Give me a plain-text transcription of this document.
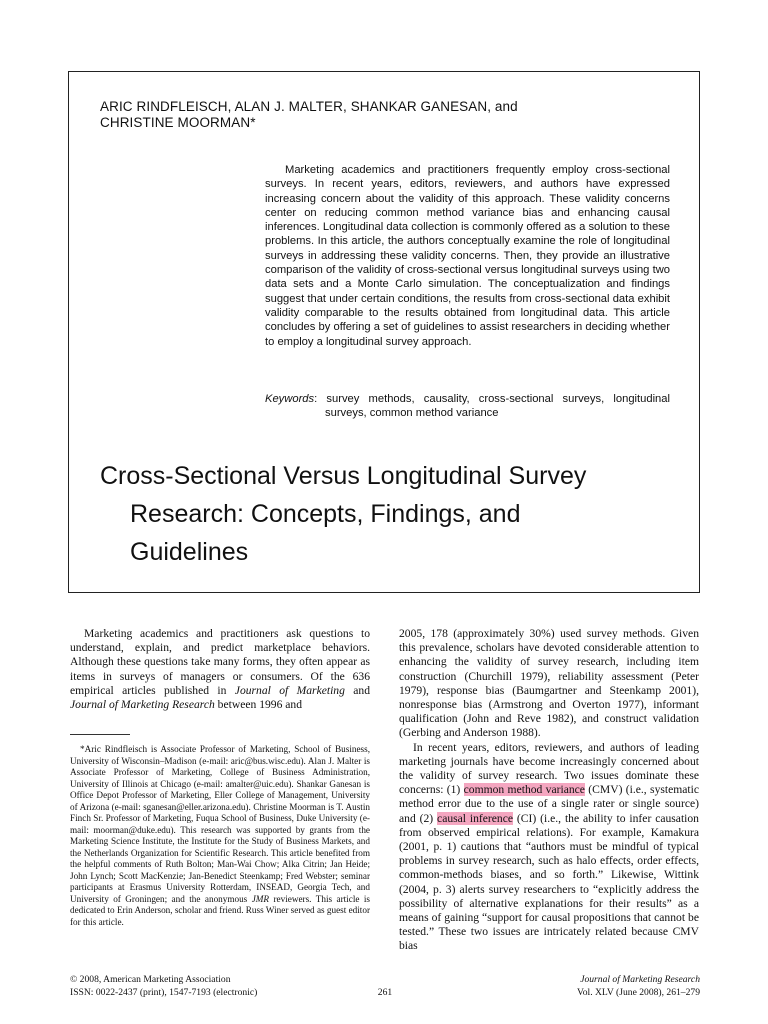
ARIC RINDFLEISCH, ALAN J. MALTER, SHANKAR GANESAN, and
CHRISTINE MOORMAN*

Marketing academics and practitioners frequently employ cross-sectional surveys. In recent years, editors, reviewers, and authors have expressed increasing concern about the validity of this approach. These validity concerns center on reducing common method variance bias and enhancing causal inferences. Longitudinal data collection is commonly offered as a solution to these problems. In this article, the authors conceptually examine the role of longitudinal surveys in addressing these validity concerns. Then, they provide an illustrative comparison of the validity of cross-sectional versus longitudinal surveys using two data sets and a Monte Carlo simulation. The conceptualization and findings suggest that under certain conditions, the results from cross-sectional data exhibit validity comparable to the results obtained from longitudinal data. This article concludes by offering a set of guidelines to assist researchers in deciding whether to employ a longitudinal survey approach.

Keywords: survey methods, causality, cross-sectional surveys, longitudinal surveys, common method variance

Cross-Sectional Versus Longitudinal Survey
Research: Concepts, Findings, and
Guidelines

Marketing academics and practitioners ask questions to understand, explain, and predict marketplace behaviors. Although these questions take many forms, they often appear as items in surveys of managers or consumers. Of the 636 empirical articles published in Journal of Marketing and Journal of Marketing Research between 1996 and

*Aric Rindfleisch is Associate Professor of Marketing, School of Business, University of Wisconsin–Madison (e-mail: aric@bus.wisc.edu). Alan J. Malter is Associate Professor of Marketing, College of Business Administration, University of Illinois at Chicago (e-mail: amalter@uic.edu). Shankar Ganesan is Office Depot Professor of Marketing, Eller College of Management, University of Arizona (e-mail: sganesan@eller.arizona.edu). Christine Moorman is T. Austin Finch Sr. Professor of Marketing, Fuqua School of Business, Duke University (e-mail: moorman@duke.edu). This research was supported by grants from the Marketing Science Institute, the Institute for the Study of Business Markets, and the Netherlands Organization for Scientific Research. This article benefited from the helpful comments of Ruth Bolton; Man-Wai Chow; Alka Citrin; Jan Heide; John Lynch; Scott MacKenzie; Jan-Benedict Steenkamp; Fred Webster; seminar participants at Erasmus University Rotterdam, INSEAD, Georgia Tech, and University of Groningen; and the anonymous JMR reviewers. This article is dedicated to Erin Anderson, scholar and friend. Russ Winer served as guest editor for this article.

2005, 178 (approximately 30%) used survey methods. Given this prevalence, scholars have devoted considerable attention to enhancing the validity of survey research, including item construction (Churchill 1979), reliability assessment (Peter 1979), response bias (Baumgartner and Steenkamp 2001), nonresponse bias (Armstrong and Overton 1977), informant qualification (John and Reve 1982), and construct validation (Gerbing and Anderson 1988).

In recent years, editors, reviewers, and authors of leading marketing journals have become increasingly concerned about the validity of survey research. Two issues dominate these concerns: (1) common method variance (CMV) (i.e., systematic method error due to the use of a single rater or single source) and (2) causal inference (CI) (i.e., the ability to infer causation from observed empirical relations). For example, Kamakura (2001, p. 1) cautions that “authors must be mindful of typical problems in survey research, such as halo effects, order effects, common-methods biases, and so forth.” Likewise, Wittink (2004, p. 3) alerts survey researchers to “explicitly address the possibility of alternative explanations for their results” as a means of gaining “support for causal propositions that cannot be tested.” These two issues are intricately related because CMV bias

© 2008, American Marketing Association
ISSN: 0022-2437 (print), 1547-7193 (electronic)	261
Journal of Marketing Research
Vol. XLV (June 2008), 261–279
